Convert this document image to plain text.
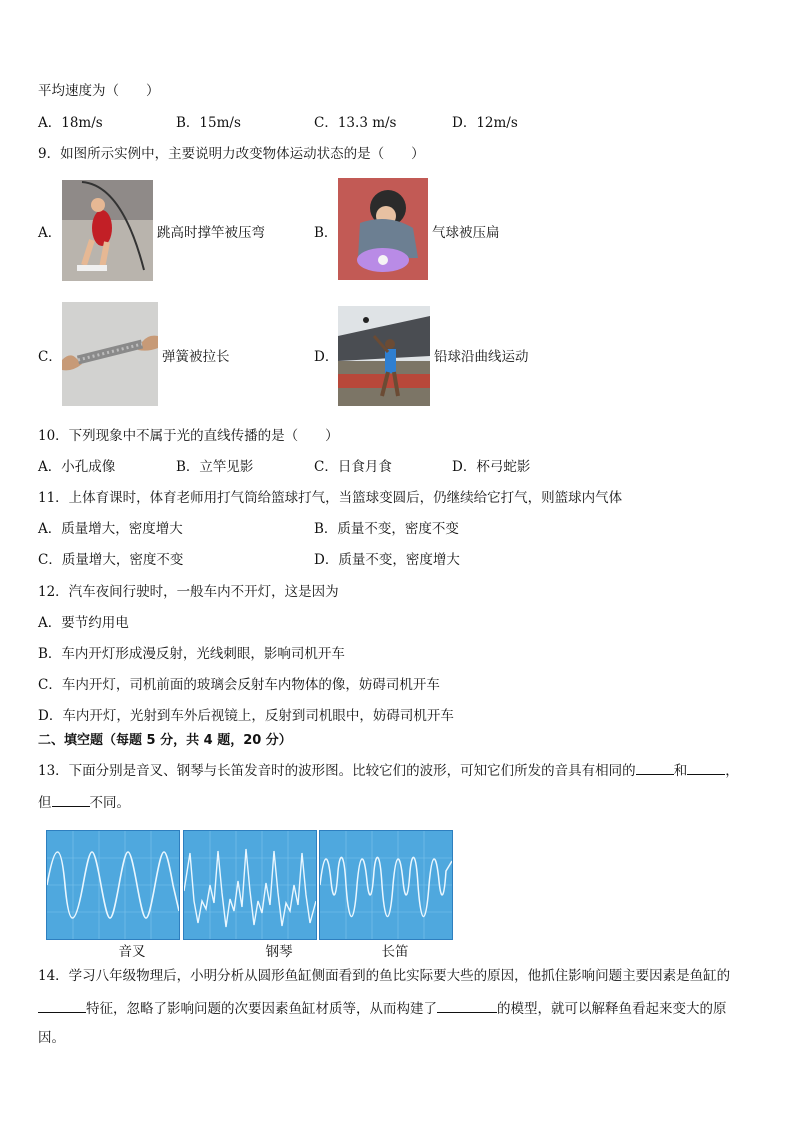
平均速度为（　　）
A．18m/s	B．15m/s	C．13.3 m/s	D．12m/s
9．如图所示实例中，主要说明力改变物体运动状态的是（　　）
A．	跳高时撑竿被压弯	B．	气球被压扁
C．	弹簧被拉长	D．	铅球沿曲线运动
10．下列现象中不属于光的直线传播的是（　　）
A．小孔成像	B．立竿见影	C．日食月食	D．杯弓蛇影
11．上体育课时，体育老师用打气筒给篮球打气，当篮球变圆后，仍继续给它打气，则篮球内气体
A．质量增大，密度增大	B．质量不变，密度不变
C．质量增大，密度不变	D．质量不变，密度增大
12．汽车夜间行驶时，一般车内不开灯，这是因为
A．要节约用电
B．车内开灯形成漫反射，光线刺眼，影响司机开车
C．车内开灯，司机前面的玻璃会反射车内物体的像，妨碍司机开车
D．车内开灯，光射到车外后视镜上，反射到司机眼中，妨碍司机开车
二、填空题（每题 5 分，共 4 题，20 分）
13．下面分别是音叉、钢琴与长笛发音时的波形图。比较它们的波形，可知它们所发的音具有相同的	和	，
但	不同。
音叉	钢琴	长笛
14．学习八年级物理后，小明分析从圆形鱼缸侧面看到的鱼比实际要大些的原因，他抓住影响问题主要因素是鱼缸的
特征，忽略了影响问题的次要因素鱼缸材质等，从而构建了	的模型，就可以解释鱼看起来变大的原
因。
